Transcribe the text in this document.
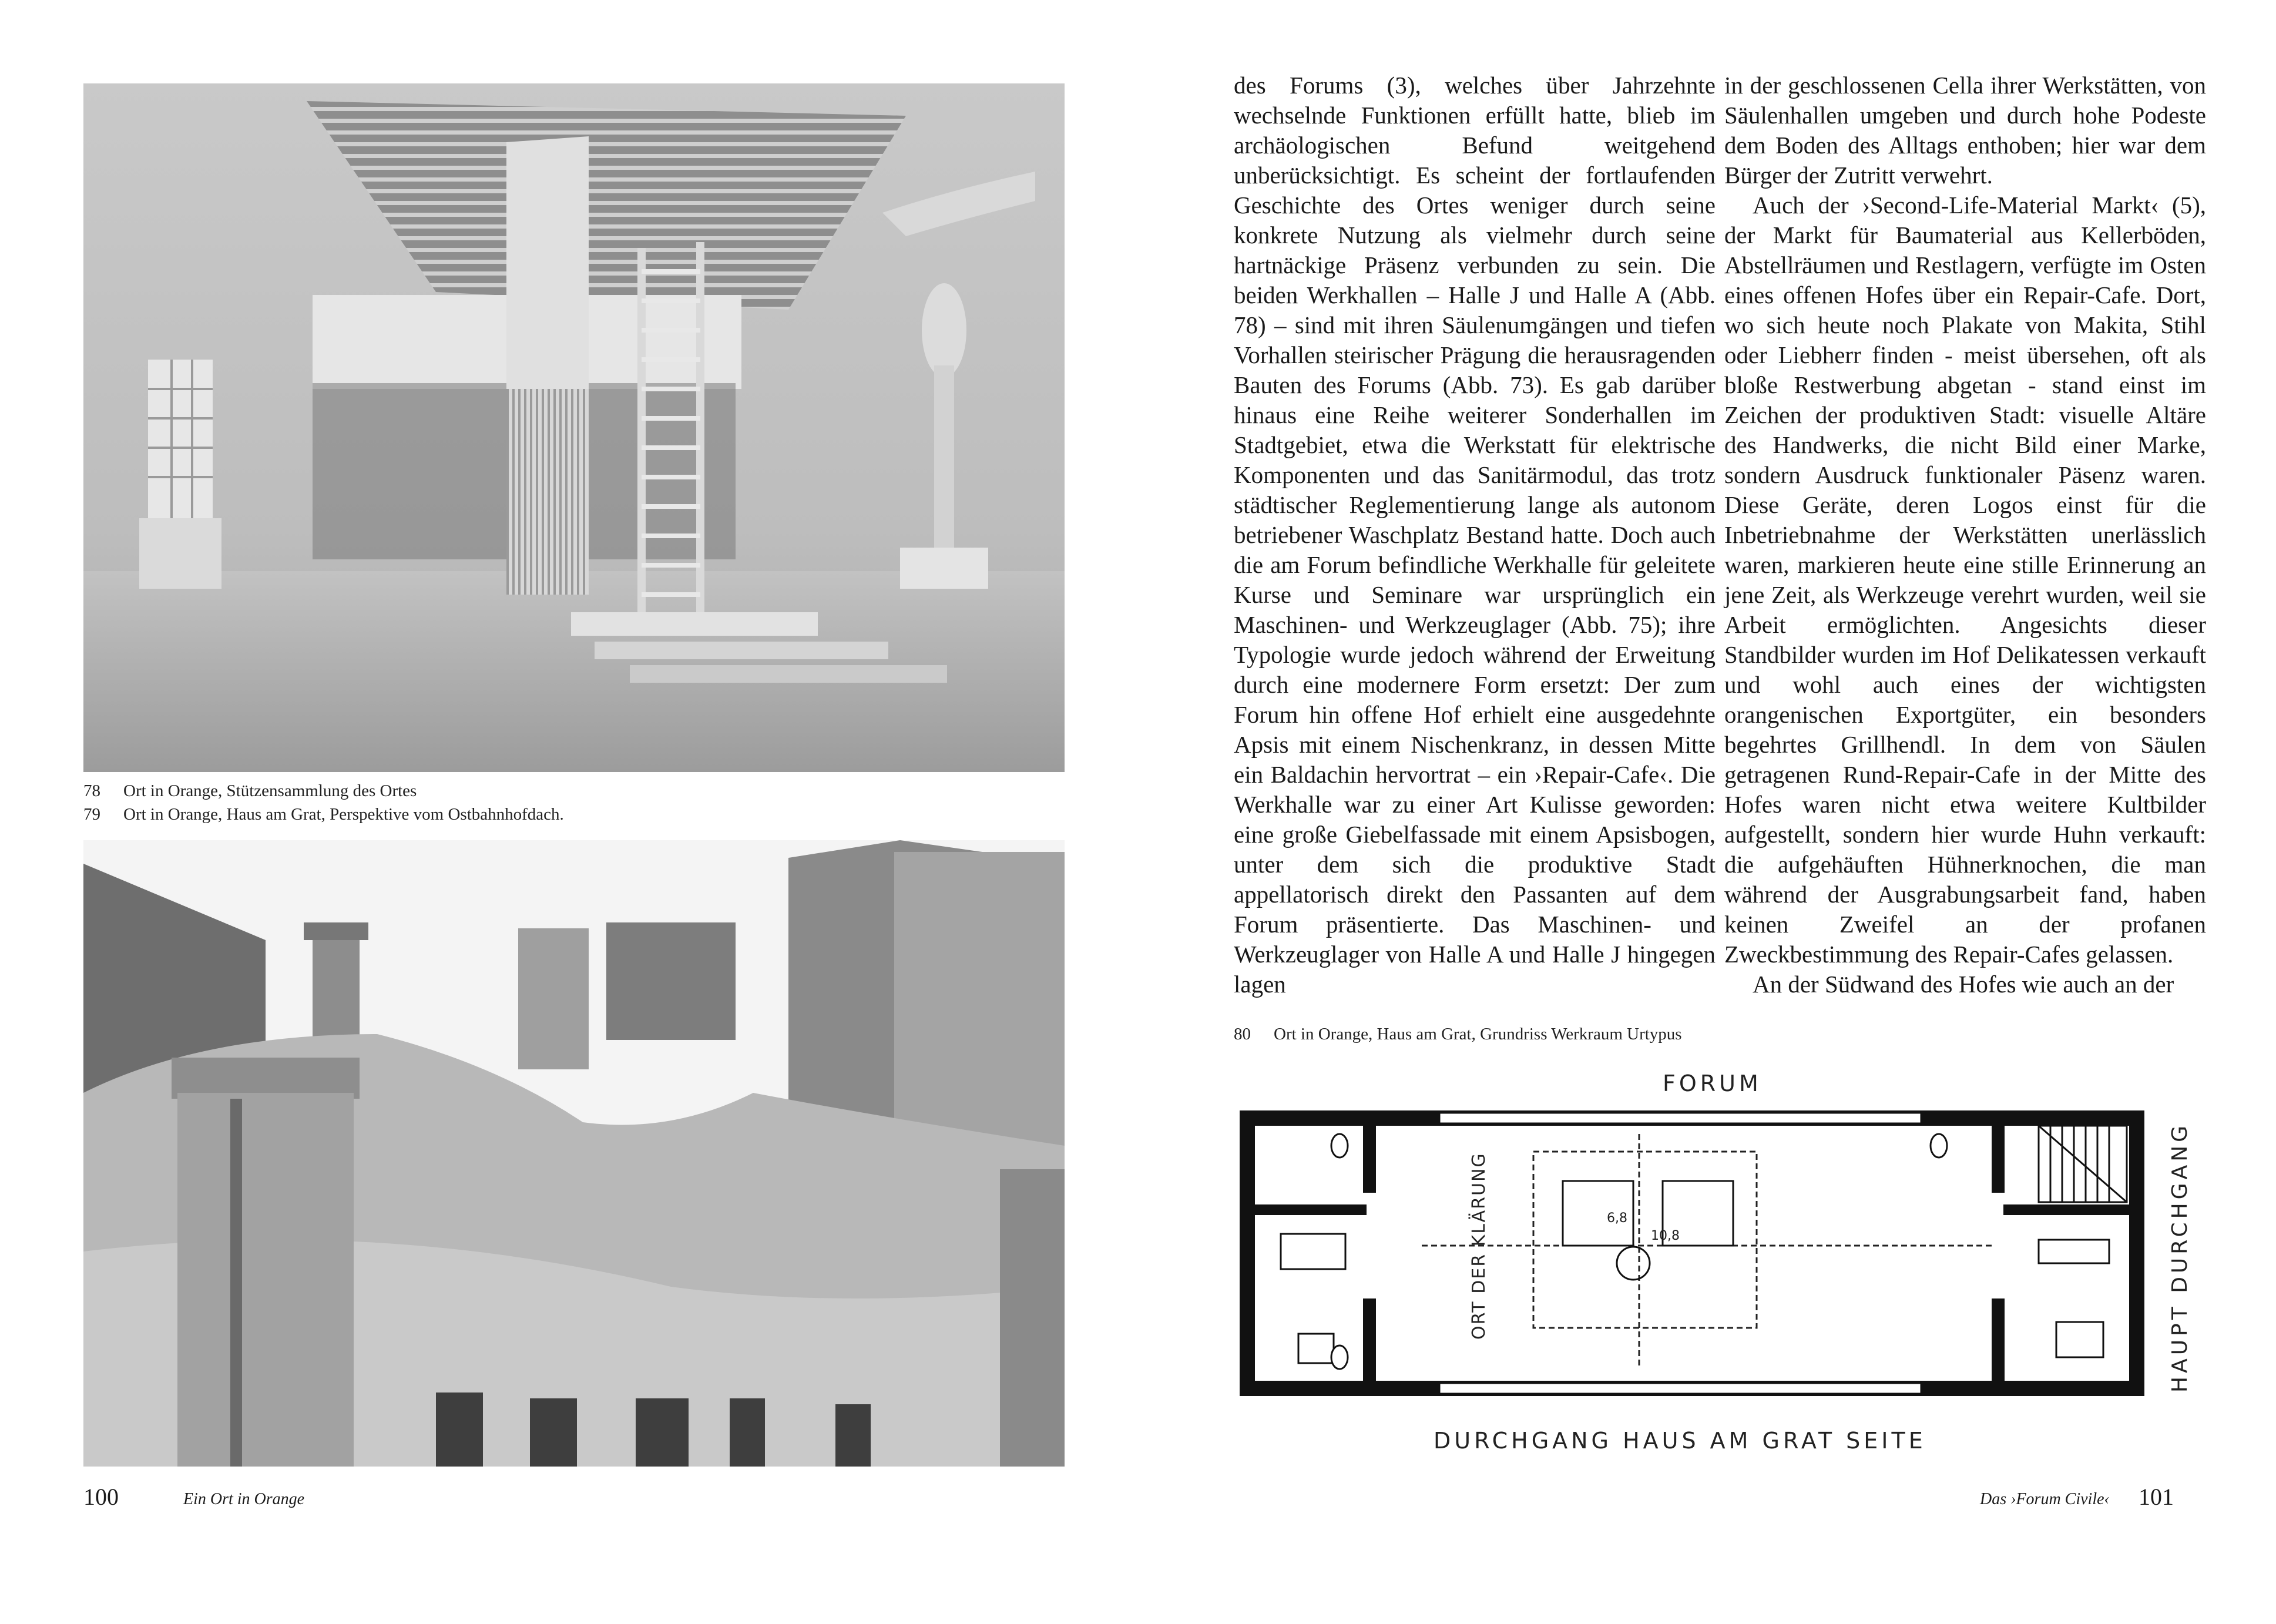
78 Ort in Orange, Stützensammlung des Ortes
79 Ort in Orange, Haus am Grat, Perspektive vom Ostbahnhofdach.
100	Ein Ort in Orange

des Forums (3), welches über Jahrzehnte wechselnde Funktionen erfüllt hatte, blieb im archäologischen Befund weitgehend unberücksichtigt. Es scheint der fortlaufenden Geschichte des Ortes weniger durch seine konkrete Nutzung als vielmehr durch seine hartnäckige Präsenz verbunden zu sein. Die beiden Werkhallen – Halle J und Halle A (Abb. 78) – sind mit ihren Säulenumgängen und tiefen Vorhallen steirischer Prägung die herausragenden Bauten des Forums (Abb. 73). Es gab darüber hinaus eine Reihe weiterer Sonderhallen im Stadtgebiet, etwa die Werkstatt für elektrische Komponenten und das Sanitärmodul, das trotz städtischer Reglementierung lange als autonom betriebener Waschplatz Bestand hatte. Doch auch die am Forum befindliche Werkhalle für geleitete Kurse und Seminare war ursprünglich ein Maschinen- und Werkzeuglager (Abb. 75); ihre Typologie wurde jedoch während der Erweitung durch eine modernere Form ersetzt: Der zum Forum hin offene Hof erhielt eine ausgedehnte Apsis mit einem Nischenkranz, in dessen Mitte ein Baldachin hervortrat – ein ›Repair-Cafe‹. Die Werkhalle war zu einer Art Kulisse geworden: eine große Giebelfassade mit einem Apsisbogen, unter dem sich die produktive Stadt appellatorisch direkt den Passanten auf dem Forum präsentierte. Das Maschinen- und Werkzeuglager von Halle A und Halle J hingegen lagen

in der geschlossenen Cella ihrer Werkstätten, von Säulenhallen umgeben und durch hohe Podeste dem Boden des Alltags enthoben; hier war dem Bürger der Zutritt verwehrt.

Auch der ›Second-Life-Material Markt‹ (5), der Markt für Baumaterial aus Kellerböden, Abstellräumen und Restlagern, verfügte im Osten eines offenen Hofes über ein Repair-Cafe. Dort, wo sich heute noch Plakate von Makita, Stihl oder Liebherr finden - meist übersehen, oft als bloße Restwerbung abgetan - stand einst im Zeichen der produktiven Stadt: visuelle Altäre des Handwerks, die nicht Bild einer Marke, sondern Ausdruck funktionaler Päsenz waren. Diese Geräte, deren Logos einst für die Inbetriebnahme der Werkstätten unerlässlich waren, markieren heute eine stille Erinnerung an jene Zeit, als Werkzeuge verehrt wurden, weil sie Arbeit ermöglichten. Angesichts dieser Standbilder wurden im Hof Delikatessen verkauft und wohl auch eines der wichtigsten orangenischen Exportgüter, ein besonders begehrtes Grillhendl. In dem von Säulen getragenen Rund-Repair-Cafe in der Mitte des Hofes waren nicht etwa weitere Kultbilder aufgestellt, sondern hier wurde Huhn verkauft: die aufgehäuften Hühnerknochen, die man während der Ausgrabungsarbeit fand, haben keinen Zweifel an der profanen Zweckbestimmung des Repair-Cafes gelassen.

An der Südwand des Hofes wie auch an der

80 Ort in Orange, Haus am Grat, Grundriss Werkraum Urtypus
10,8
6,8
FORUM
DURCHGANG HAUS AM GRAT SEITE
HAUPT DURCHGANG
ORT DER KLÄRUNG
Das ›Forum Civile‹ 101
